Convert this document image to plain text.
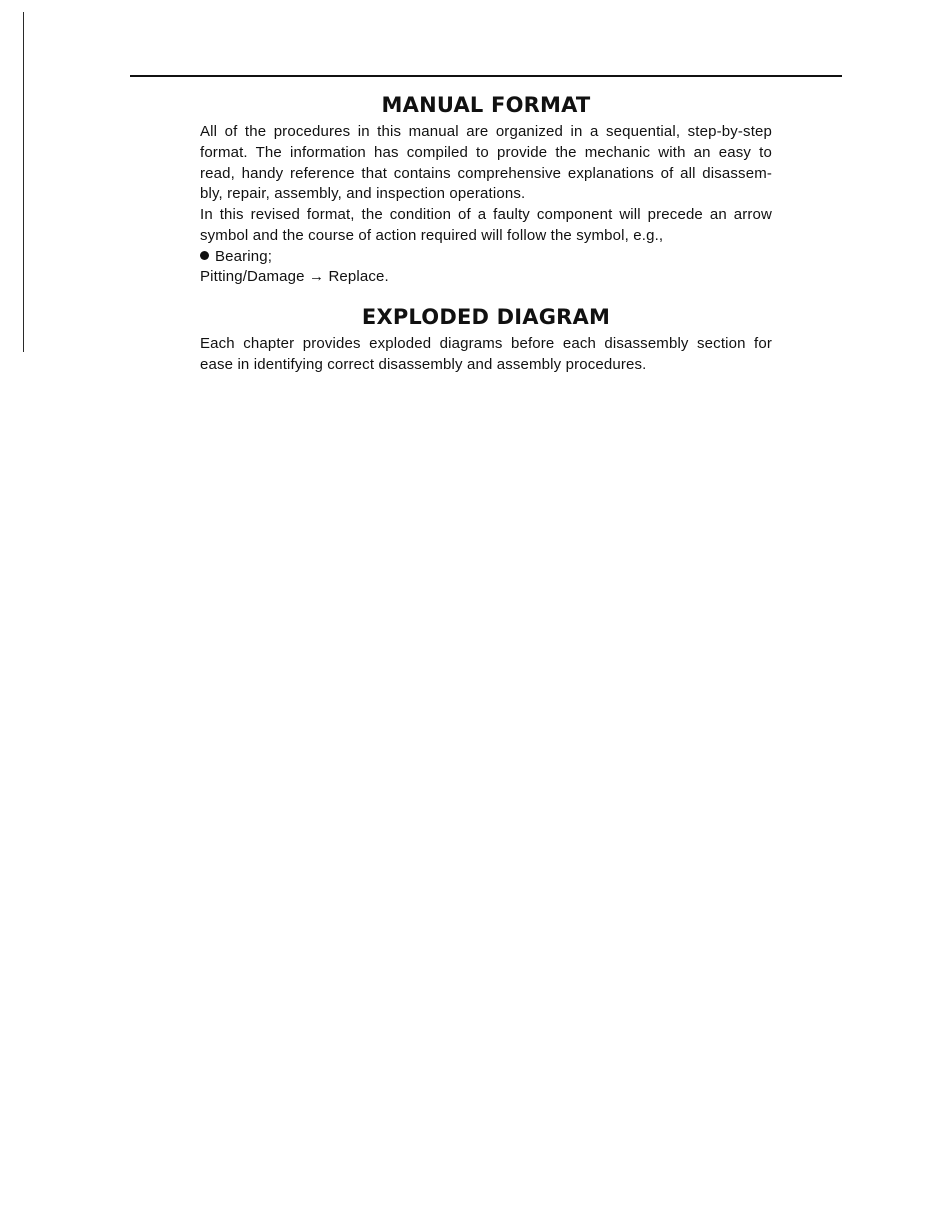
MANUAL FORMAT
All of the procedures in this manual are organized in a sequential, step-by-step
format. The information has compiled to provide the mechanic with an easy to
read, handy reference that contains comprehensive explanations of all disassem-
bly, repair, assembly, and inspection operations.
In this revised format, the condition of a faulty component will precede an arrow
symbol and the course of action required will follow the symbol, e.g.,
Bearing;
Pitting/Damage → Replace.
EXPLODED DIAGRAM
Each chapter provides exploded diagrams before each disassembly section for
ease in identifying correct disassembly and assembly procedures.
